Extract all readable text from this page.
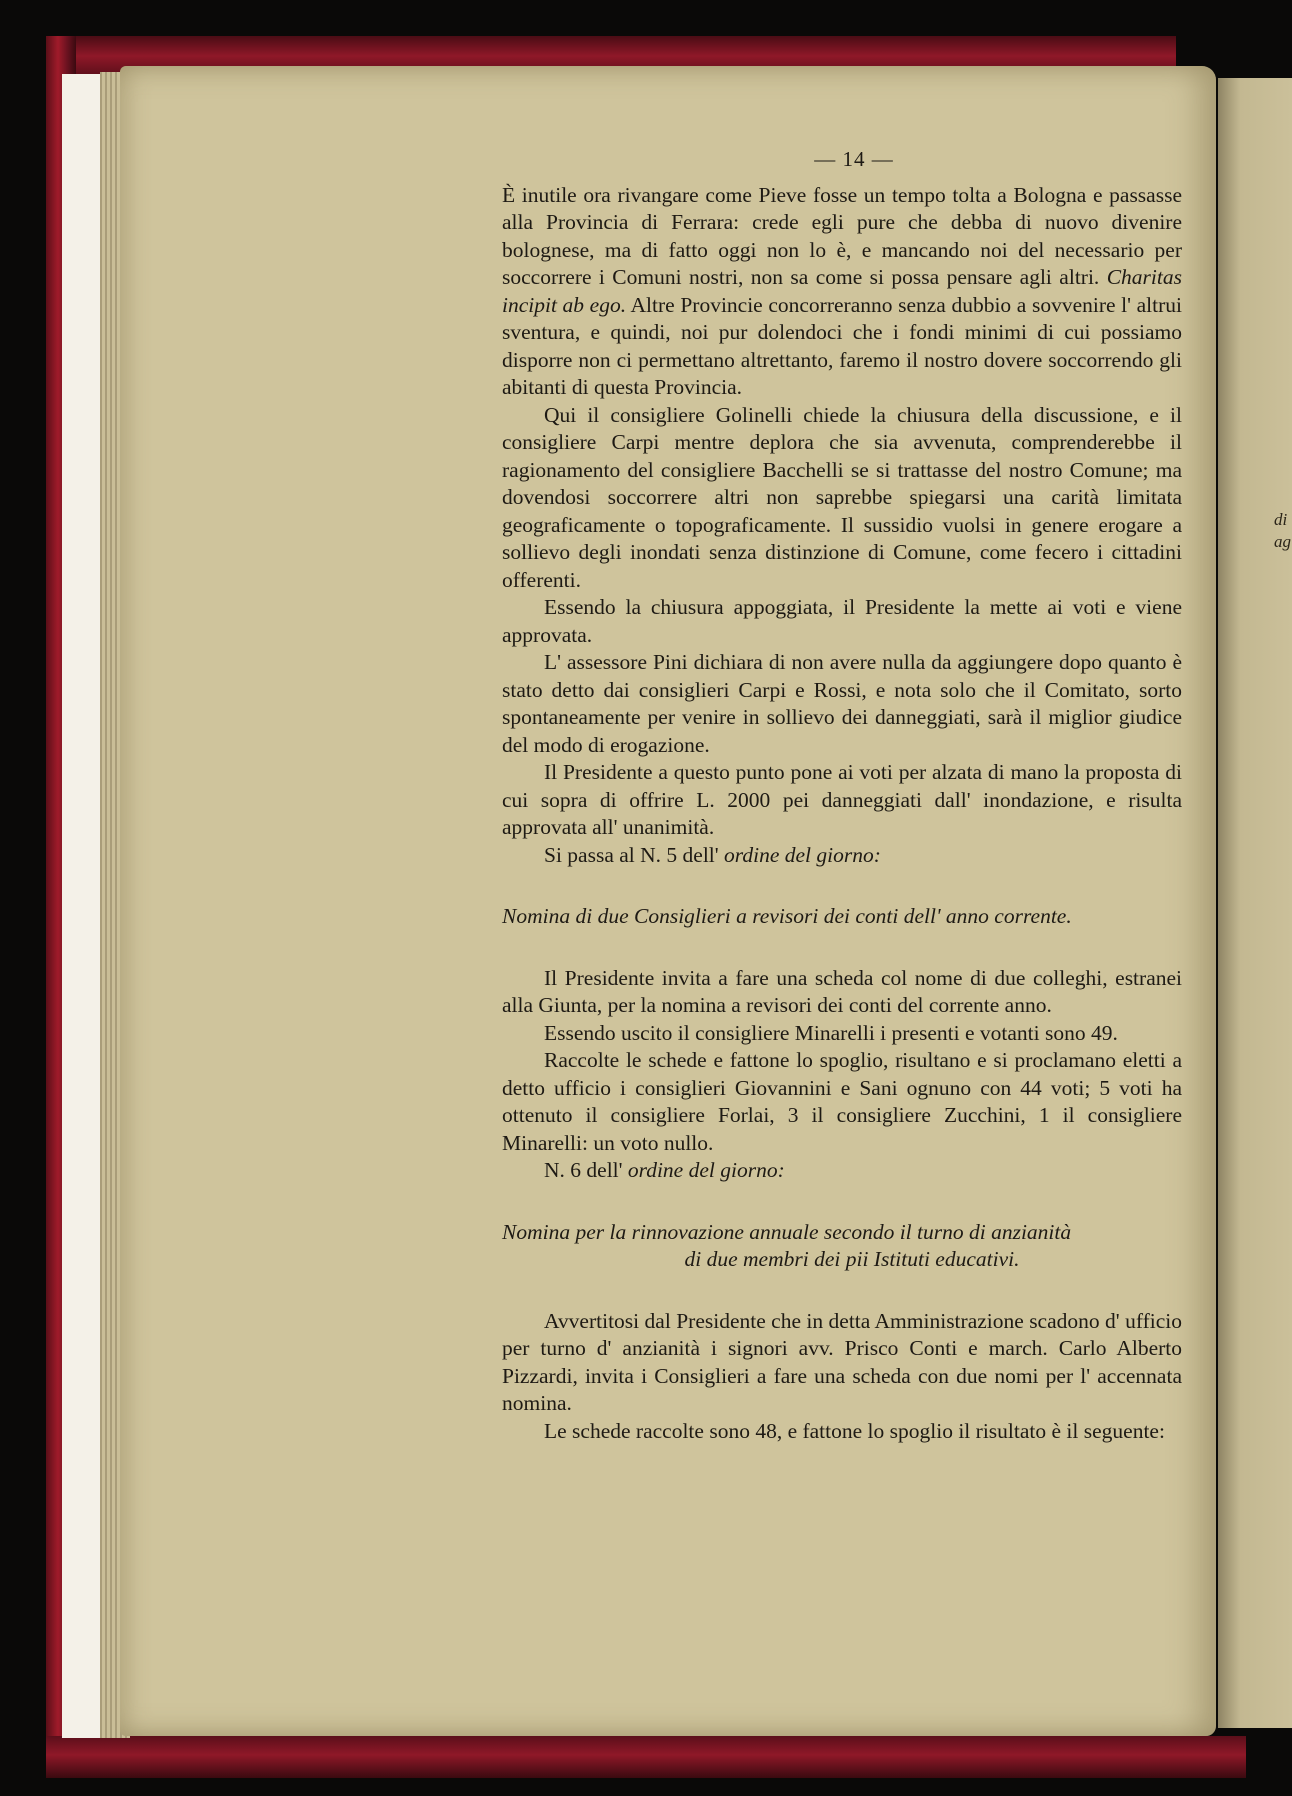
di
ag

— 14 —

È inutile ora rivangare come Pieve fosse un tempo tolta a Bologna e passasse alla Provincia di Ferrara: crede egli pure che debba di nuovo divenire bolognese, ma di fatto oggi non lo è, e mancando noi del necessario per soccorrere i Comuni nostri, non sa come si possa pensare agli altri. Charitas incipit ab ego. Altre Provincie concorreranno senza dubbio a sovvenire l' altrui sventura, e quindi, noi pur dolendoci che i fondi minimi di cui possiamo disporre non ci permettano altrettanto, faremo il nostro dovere soccorrendo gli abitanti di questa Provincia.

Qui il consigliere Golinelli chiede la chiusura della discussione, e il consigliere Carpi mentre deplora che sia avvenuta, comprenderebbe il ragionamento del consigliere Bacchelli se si trattasse del nostro Comune; ma dovendosi soccorrere altri non saprebbe spiegarsi una carità limitata geograficamente o topograficamente. Il sussidio vuolsi in genere erogare a sollievo degli inondati senza distinzione di Comune, come fecero i cittadini offerenti.

Essendo la chiusura appoggiata, il Presidente la mette ai voti e viene approvata.

L' assessore Pini dichiara di non avere nulla da aggiungere dopo quanto è stato detto dai consiglieri Carpi e Rossi, e nota solo che il Comitato, sorto spontaneamente per venire in sollievo dei danneggiati, sarà il miglior giudice del modo di erogazione.

Il Presidente a questo punto pone ai voti per alzata di mano la proposta di cui sopra di offrire L. 2000 pei danneggiati dall' inondazione, e risulta approvata all' unanimità.

Si passa al N. 5 dell' ordine del giorno:

Nomina di due Consiglieri a revisori dei conti dell' anno corrente.

Il Presidente invita a fare una scheda col nome di due colleghi, estranei alla Giunta, per la nomina a revisori dei conti del corrente anno.

Essendo uscito il consigliere Minarelli i presenti e votanti sono 49.

Raccolte le schede e fattone lo spoglio, risultano e si proclamano eletti a detto ufficio i consiglieri Giovannini e Sani ognuno con 44 voti; 5 voti ha ottenuto il consigliere Forlai, 3 il consigliere Zucchini, 1 il consigliere Minarelli: un voto nullo.

N. 6 dell' ordine del giorno:

Nomina per la rinnovazione annuale secondo il turno di anzianità

di due membri dei pii Istituti educativi.

Avvertitosi dal Presidente che in detta Amministrazione scadono d' ufficio per turno d' anzianità i signori avv. Prisco Conti e march. Carlo Alberto Pizzardi, invita i Consiglieri a fare una scheda con due nomi per l' accennata nomina.

Le schede raccolte sono 48, e fattone lo spoglio il risultato è il seguente:
